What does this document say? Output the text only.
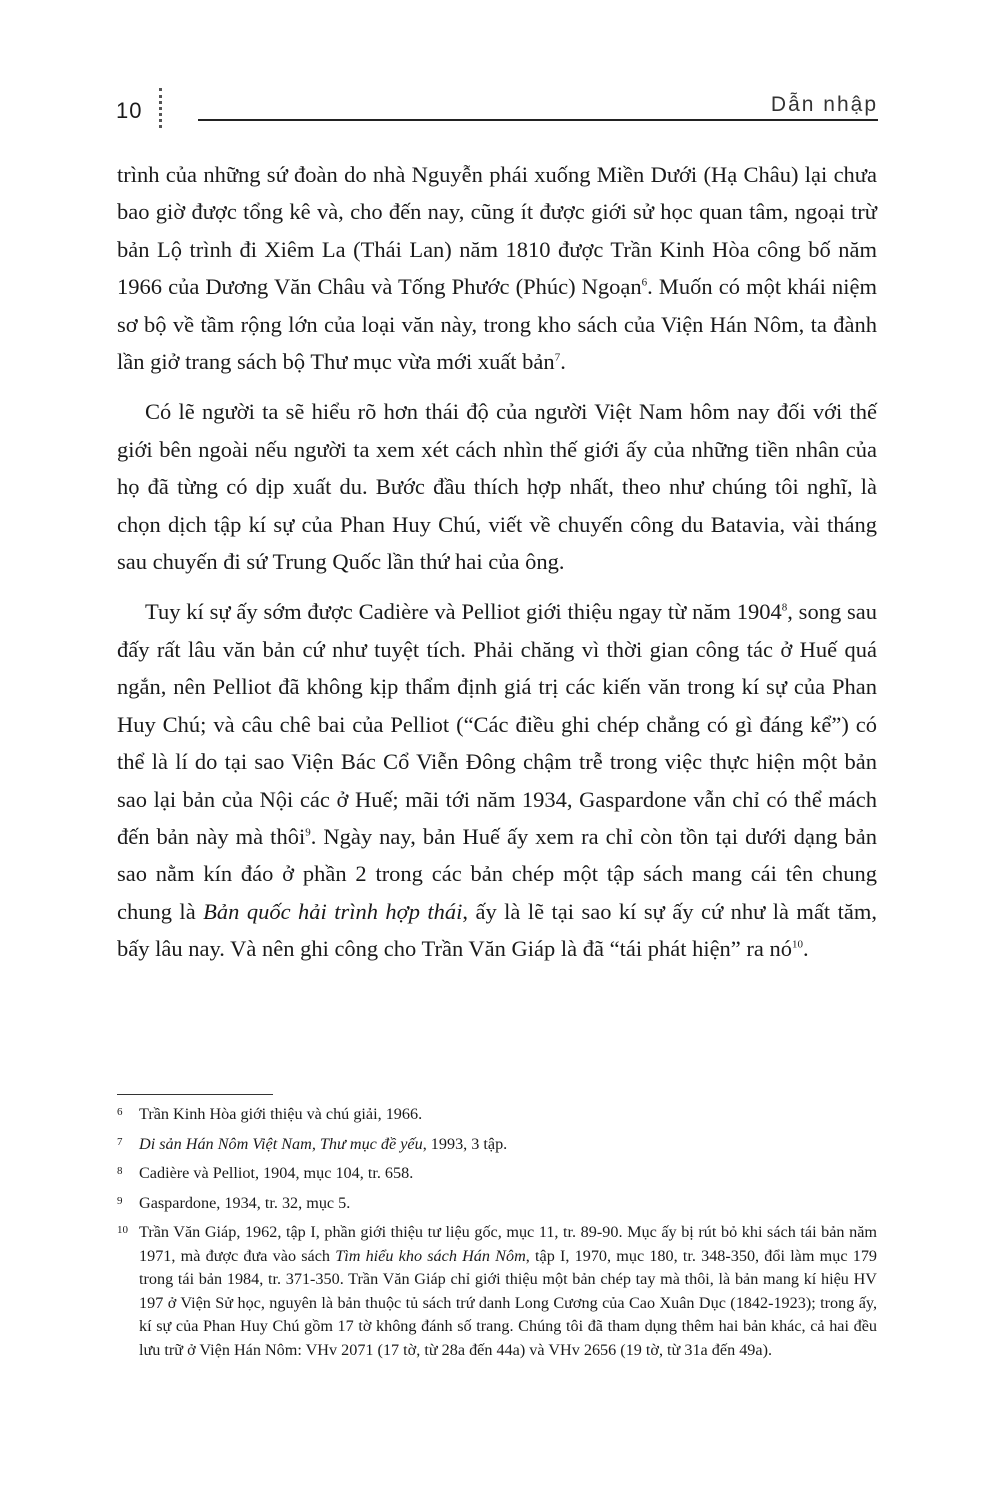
10	Dẫn nhập

trình của những sứ đoàn do nhà Nguyễn phái xuống Miền Dưới (Hạ Châu) lại chưa bao giờ được tổng kê và, cho đến nay, cũng ít được giới sử học quan tâm, ngoại trừ bản Lộ trình đi Xiêm La (Thái Lan) năm 1810 được Trần Kinh Hòa công bố năm 1966 của Dương Văn Châu và Tống Phước (Phúc) Ngoạn$^6$. Muốn có một khái niệm sơ bộ về tầm rộng lớn của loại văn này, trong kho sách của Viện Hán Nôm, ta đành lần giở trang sách bộ Thư mục vừa mới xuất bản$^7$.

Có lẽ người ta sẽ hiểu rõ hơn thái độ của người Việt Nam hôm nay đối với thế giới bên ngoài nếu người ta xem xét cách nhìn thế giới ấy của những tiền nhân của họ đã từng có dịp xuất du. Bước đầu thích hợp nhất, theo như chúng tôi nghĩ, là chọn dịch tập kí sự của Phan Huy Chú, viết về chuyến công du Batavia, vài tháng sau chuyến đi sứ Trung Quốc lần thứ hai của ông.

Tuy kí sự ấy sớm được Cadière và Pelliot giới thiệu ngay từ năm 1904$^8$, song sau đấy rất lâu văn bản cứ như tuyệt tích. Phải chăng vì thời gian công tác ở Huế quá ngắn, nên Pelliot đã không kịp thẩm định giá trị các kiến văn trong kí sự của Phan Huy Chú; và câu chê bai của Pelliot (“Các điều ghi chép chẳng có gì đáng kể”) có thể là lí do tại sao Viện Bác Cổ Viễn Đông chậm trễ trong việc thực hiện một bản sao lại bản của Nội các ở Huế; mãi tới năm 1934, Gaspardone vẫn chỉ có thể mách đến bản này mà thôi$^9$. Ngày nay, bản Huế ấy xem ra chỉ còn tồn tại dưới dạng bản sao nằm kín đáo ở phần 2 trong các bản chép một tập sách mang cái tên chung chung là Bản quốc hải trình hợp thái, ấy là lẽ tại sao kí sự ấy cứ như là mất tăm, bấy lâu nay. Và nên ghi công cho Trần Văn Giáp là đã “tái phát hiện” ra $nó^{10}$.

6 Trần Kinh Hòa giới thiệu và chú giải, 1966.
7 Di sản Hán Nôm Việt Nam, Thư mục đề yếu, 1993, 3 tập.
8 Cadière và Pelliot, 1904, mục 104, tr. 658.
9 Gaspardone, 1934, tr. 32, mục 5.
10 Trần Văn Giáp, 1962, tập I, phần giới thiệu tư liệu gốc, mục 11, tr. 89-90. Mục ấy bị rút bỏ khi sách tái bản năm 1971, mà được đưa vào sách Tìm hiểu kho sách Hán Nôm, tập I, 1970, mục 180, tr. 348-350, đổi làm mục 179 trong tái bản 1984, tr. 371-350. Trần Văn Giáp chỉ giới thiệu một bản chép tay mà thôi, là bản mang kí hiệu HV 197 ở Viện Sử học, nguyên là bản thuộc tủ sách trứ danh Long Cương của Cao Xuân Dục (1842-1923); trong ấy, kí sự của Phan Huy Chú gồm 17 tờ không đánh số trang. Chúng tôi đã tham dụng thêm hai bản khác, cả hai đều lưu trữ ở Viện Hán Nôm: VHv 2071 (17 tờ, từ 28a đến 44a) và VHv 2656 (19 tờ, từ 31a đến 49a).
